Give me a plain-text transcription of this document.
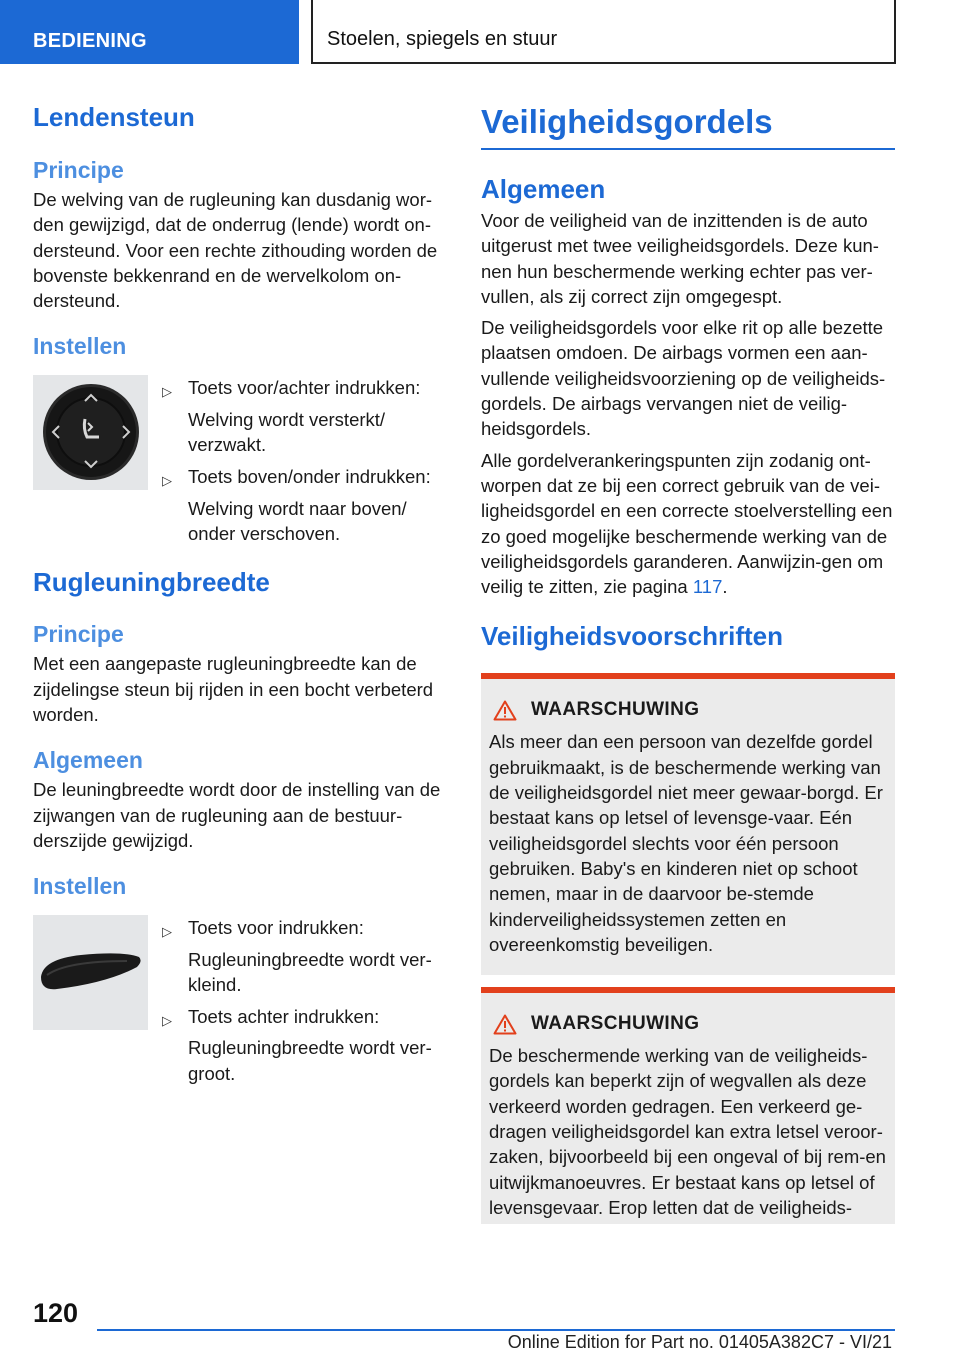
BEDIENING	Stoelen, spiegels en stuur
Lendensteun
Principe

De welving van de rugleuning kan dusdanig wor-den gewijzigd, dat de onderrug (lende) wordt on-dersteund. Voor een rechte zithouding worden de bovenste bekkenrand en de wervelkolom on-dersteund.

Instellen
▷ Toets voor/achter indrukken:
Welving wordt versterkt/ verzwakt.
▷ Toets boven/onder indrukken:
Welving wordt naar boven/ onder verschoven.
Rugleuningbreedte
Principe

Met een aangepaste rugleuningbreedte kan de zijdelingse steun bij rijden in een bocht verbeterd worden.

Algemeen

De leuningbreedte wordt door de instelling van de zijwangen van de rugleuning aan de bestuur-derszijde gewijzigd.

Instellen
▷ Toets voor indrukken:
Rugleuningbreedte wordt ver-kleind.
▷ Toets achter indrukken:
Rugleuningbreedte wordt ver-groot.
Veiligheidsgordels
Algemeen

Voor de veiligheid van de inzittenden is de auto uitgerust met twee veiligheidsgordels. Deze kun-nen hun beschermende werking echter pas ver-vullen, als zij correct zijn omgegespt.

De veiligheidsgordels voor elke rit op alle bezette plaatsen omdoen. De airbags vormen een aan-vullende veiligheidsvoorziening op de veiligheids-gordels. De airbags vervangen niet de veilig-heidsgordels.

Alle gordelverankeringspunten zijn zodanig ont-worpen dat ze bij een correct gebruik van de vei-ligheidsgordel en een correcte stoelverstelling een zo goed mogelijke beschermende werking van de veiligheidsgordels garanderen. Aanwijzin-gen om veilig te zitten, zie pagina 117.

Veiligheidsvoorschriften
WAARSCHUWING

Als meer dan een persoon van dezelfde gordel gebruikmaakt, is de beschermende werking van de veiligheidsgordel niet meer gewaar-borgd. Er bestaat kans op letsel of levensge-vaar. Eén veiligheidsgordel slechts voor één persoon gebruiken. Baby's en kinderen niet op schoot nemen, maar in de daarvoor be-stemde kinderveiligheidssystemen zetten en overeenkomstig beveiligen.

WAARSCHUWING

De beschermende werking van de veiligheids-gordels kan beperkt zijn of wegvallen als deze verkeerd worden gedragen. Een verkeerd ge-dragen veiligheidsgordel kan extra letsel veroor-zaken, bijvoorbeeld bij een ongeval of bij rem-en uitwijkmanoeuvres. Er bestaat kans op letsel of levensgevaar. Erop letten dat de veiligheids-

120
Online Edition for Part no. 01405A382C7 - VI/21
